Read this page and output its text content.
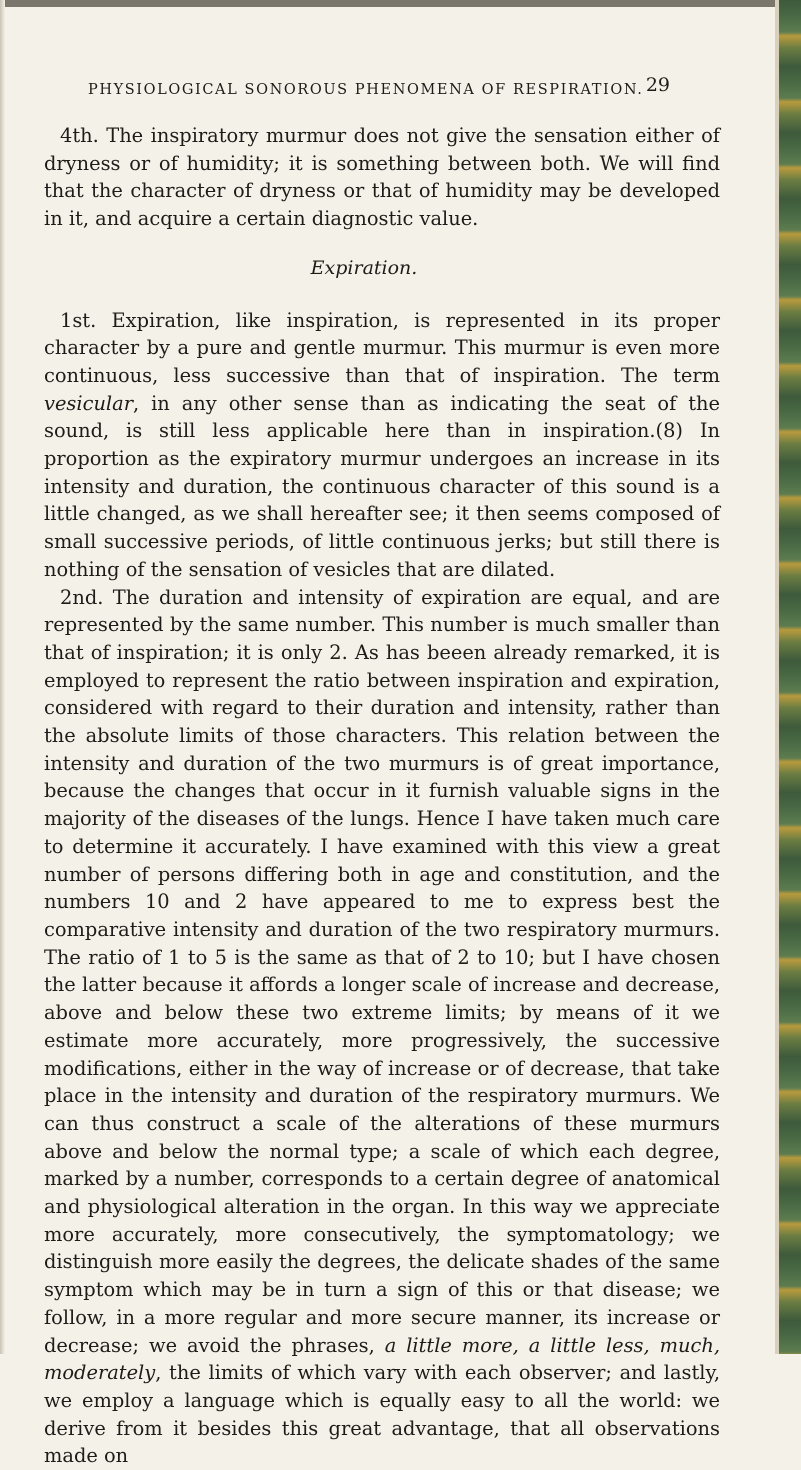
PHYSIOLOGICAL SONOROUS PHENOMENA OF RESPIRATION. 29

4th. The inspiratory murmur does not give the sensation either of dryness or of humidity; it is something between both. We will find that the character of dryness or that of humidity may be developed in it, and acquire a certain diagnostic value.

Expiration.

1st. Expiration, like inspiration, is represented in its proper character by a pure and gentle murmur. This murmur is even more continuous, less successive than that of inspiration. The term vesicular, in any other sense than as indicating the seat of the sound, is still less applicable here than in inspiration.(8) In proportion as the expiratory murmur undergoes an increase in its intensity and duration, the continuous character of this sound is a little changed, as we shall hereafter see; it then seems composed of small successive periods, of little continuous jerks; but still there is nothing of the sensation of vesicles that are dilated.

2nd. The duration and intensity of expiration are equal, and are represented by the same number. This number is much smaller than that of inspiration; it is only 2. As has beeen already remarked, it is employed to represent the ratio between inspiration and expiration, considered with regard to their duration and intensity, rather than the absolute limits of those characters. This relation between the intensity and duration of the two murmurs is of great importance, because the changes that occur in it furnish valuable signs in the majority of the diseases of the lungs. Hence I have taken much care to determine it accurately. I have examined with this view a great number of persons differing both in age and constitution, and the numbers 10 and 2 have appeared to me to express best the comparative intensity and duration of the two respiratory murmurs. The ratio of 1 to 5 is the same as that of 2 to 10; but I have chosen the latter because it affords a longer scale of increase and decrease, above and below these two extreme limits; by means of it we estimate more accurately, more progressively, the successive modifications, either in the way of increase or of decrease, that take place in the intensity and duration of the respiratory murmurs. We can thus construct a scale of the alterations of these murmurs above and below the normal type; a scale of which each degree, marked by a number, corresponds to a certain degree of anatomical and physiological alteration in the organ. In this way we appreciate more accurately, more consecutively, the symptomatology; we distinguish more easily the degrees, the delicate shades of the same symptom which may be in turn a sign of this or that disease; we follow, in a more regular and more secure manner, its increase or decrease; we avoid the phrases, a little more, a little less, much, moderately, the limits of which vary with each observer; and lastly, we employ a language which is equally easy to all the world: we derive from it besides this great advantage, that all observations made on
